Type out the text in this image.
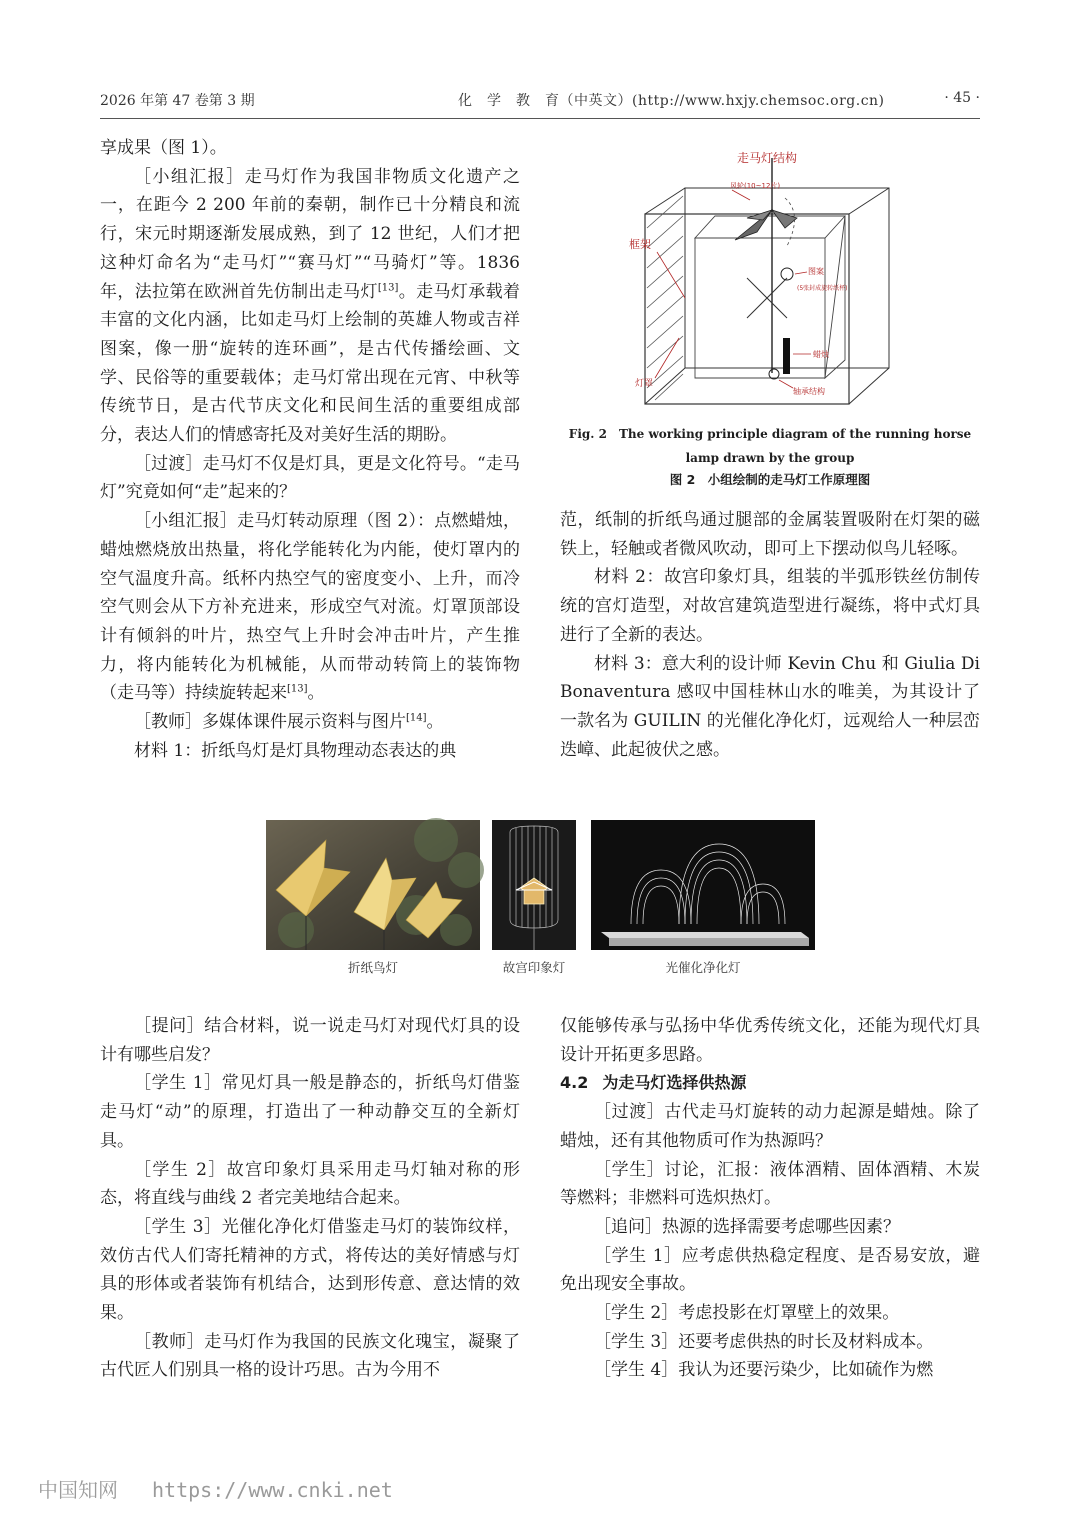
2026 年第 47 卷第 3 期	化　学　教　育（中英文）(http://www.hxjy.chemsoc.org.cn)	· 45 ·

享成果（图 1）。

［小组汇报］走马灯作为我国非物质文化遗产之一，在距今 2 200 年前的秦朝，制作已十分精良和流行，宋元时期逐渐发展成熟，到了 12 世纪，人们才把这种灯命名为“走马灯”“赛马灯”“马骑灯”等。1836 年，法拉第在欧洲首先仿制出走马灯[13]。走马灯承载着丰富的文化内涵，比如走马灯上绘制的英雄人物或吉祥图案，像一册“旋转的连环画”，是古代传播绘画、文学、民俗等的重要载体；走马灯常出现在元宵、中秋等传统节日，是古代节庆文化和民间生活的重要组成部分，表达人们的情感寄托及对美好生活的期盼。

［过渡］走马灯不仅是灯具，更是文化符号。“走马灯”究竟如何“走”起来的？

［小组汇报］走马灯转动原理（图 2）：点燃蜡烛，蜡烛燃烧放出热量，将化学能转化为内能，使灯罩内的空气温度升高。纸杯内热空气的密度变小、上升，而冷空气则会从下方补充进来，形成空气对流。灯罩顶部设计有倾斜的叶片，热空气上升时会冲击叶片，产生推力，将内能转化为机械能，从而带动转筒上的装饰物（走马等）持续旋转起来[13]。

［教师］多媒体课件展示资料与图片[14]。

材料 1：折纸鸟灯是灯具物理动态表达的典

走马灯结构
风轮(10~12片)
框架
图案
(5张封成旋转纸杯)
蜡烛
灯罩
轴承结构
Fig. 2　The working principle diagram of the running horse lamp drawn by the group
图 2　小组绘制的走马灯工作原理图

范，纸制的折纸鸟通过腿部的金属装置吸附在灯架的磁铁上，轻触或者微风吹动，即可上下摆动似鸟儿轻啄。

材料 2：故宫印象灯具，组装的半弧形铁丝仿制传统的宫灯造型，对故宫建筑造型进行凝练，将中式灯具进行了全新的表达。

材料 3：意大利的设计师 Kevin Chu 和 Giulia Di Bonaventura 感叹中国桂林山水的唯美，为其设计了一款名为 GUILIN 的光催化净化灯，远观给人一种层峦迭嶂、此起彼伏之感。

折纸鸟灯	故宫印象灯	光催化净化灯

［提问］结合材料，说一说走马灯对现代灯具的设计有哪些启发？

［学生 1］常见灯具一般是静态的，折纸鸟灯借鉴走马灯“动”的原理，打造出了一种动静交互的全新灯具。

［学生 2］故宫印象灯具采用走马灯轴对称的形态，将直线与曲线 2 者完美地结合起来。

［学生 3］光催化净化灯借鉴走马灯的装饰纹样，效仿古代人们寄托精神的方式，将传达的美好情感与灯具的形体或者装饰有机结合，达到形传意、意达情的效果。

［教师］走马灯作为我国的民族文化瑰宝，凝聚了古代匠人们别具一格的设计巧思。古为今用不

仅能够传承与弘扬中华优秀传统文化，还能为现代灯具设计开拓更多思路。

4.2 为走马灯选择供热源

［过渡］古代走马灯旋转的动力起源是蜡烛。除了蜡烛，还有其他物质可作为热源吗？

［学生］讨论，汇报：液体酒精、固体酒精、木炭等燃料；非燃料可选炽热灯。

［追问］热源的选择需要考虑哪些因素？

［学生 1］应考虑供热稳定程度、是否易安放，避免出现安全事故。

［学生 2］考虑投影在灯罩壁上的效果。

［学生 3］还要考虑供热的时长及材料成本。

［学生 4］我认为还要污染少，比如硫作为燃

中国知网 https://www.cnki.net
